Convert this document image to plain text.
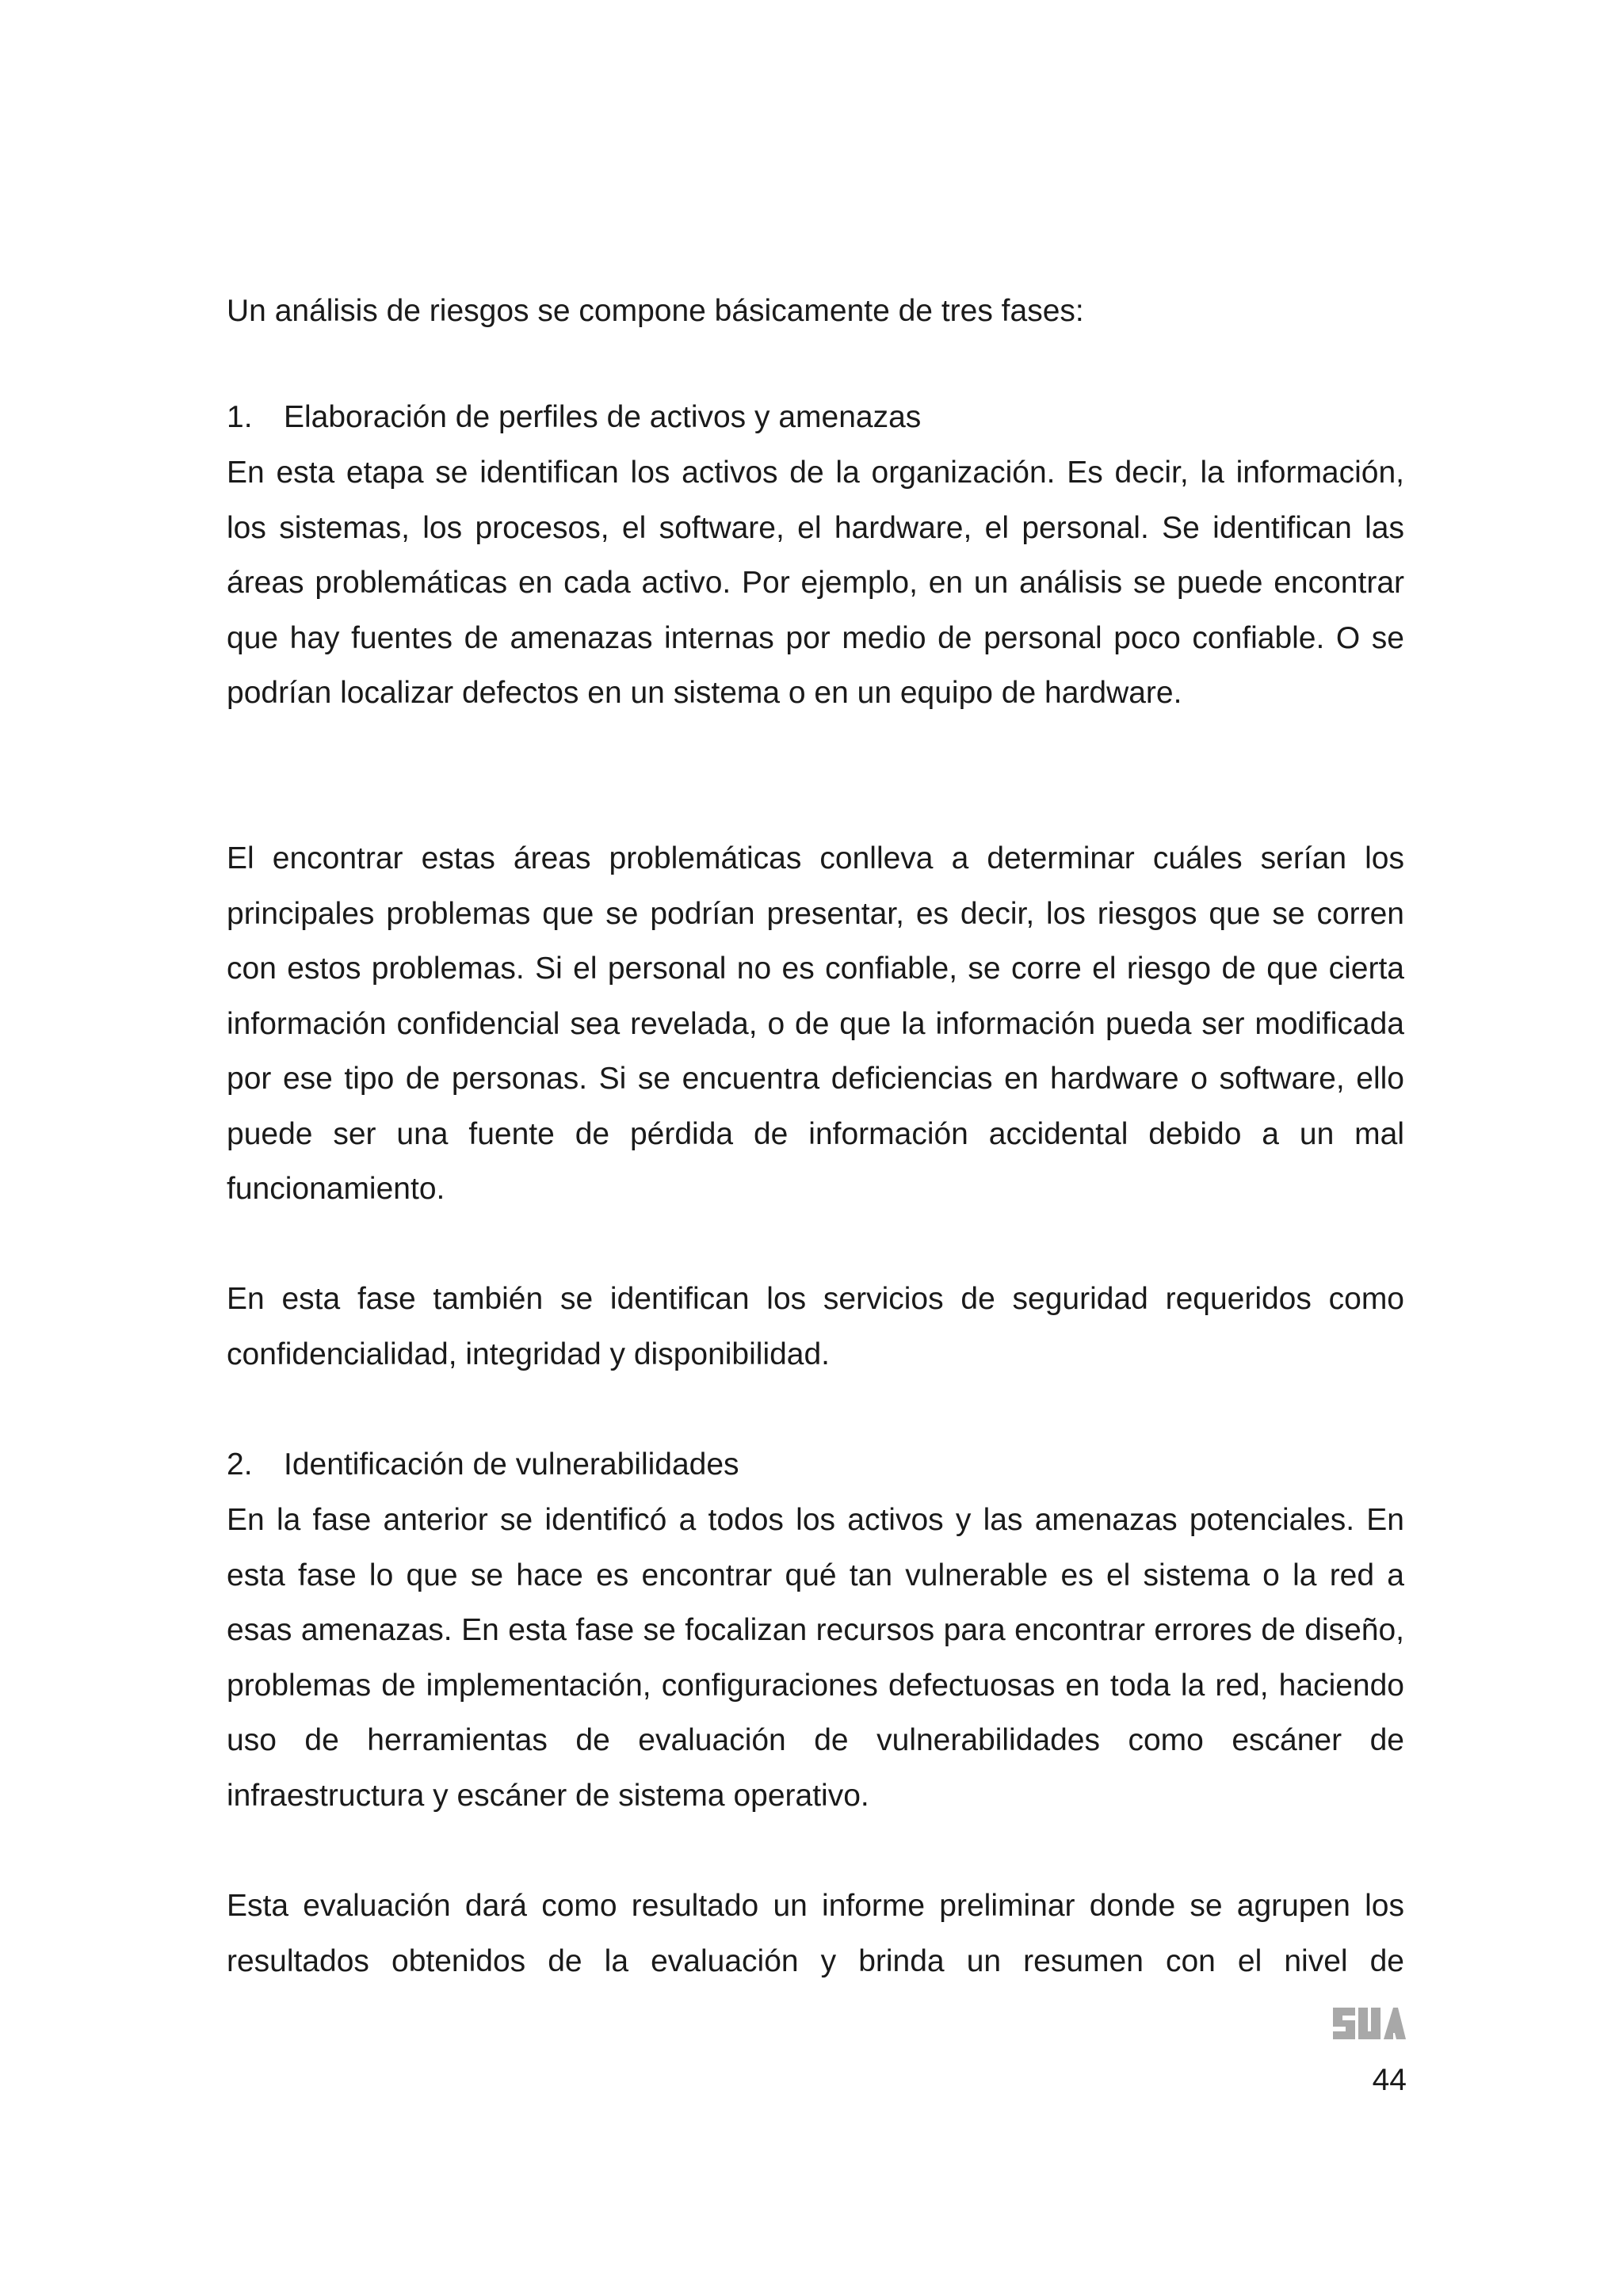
Un análisis de riesgos se compone básicamente de tres fases:

1. Elaboración de perfiles de activos y amenazas

En esta etapa se identifican los activos de la organización. Es decir, la información, los sistemas, los procesos, el software, el hardware, el personal. Se identifican las áreas problemáticas en cada activo. Por ejemplo, en un análisis se puede encontrar que hay fuentes de amenazas internas por medio de personal poco confiable. O se podrían localizar defectos en un sistema o en un equipo de hardware.

El encontrar estas áreas problemáticas conlleva a determinar cuáles serían los principales problemas que se podrían presentar, es decir, los riesgos que se corren con estos problemas. Si el personal no es confiable, se corre el riesgo de que cierta información confidencial sea revelada, o de que la información pueda ser modificada por ese tipo de personas. Si se encuentra deficiencias en hardware o software, ello puede ser una fuente de pérdida de información accidental debido a un mal funcionamiento.

En esta fase también se identifican los servicios de seguridad requeridos como confidencialidad, integridad y disponibilidad.

2. Identificación de vulnerabilidades

En la fase anterior se identificó a todos los activos y las amenazas potenciales. En esta fase lo que se hace es encontrar qué tan vulnerable es el sistema o la red a esas amenazas. En esta fase se focalizan recursos para encontrar errores de diseño, problemas de implementación, configuraciones defectuosas en toda la red, haciendo uso de herramientas de evaluación de vulnerabilidades como escáner de infraestructura y escáner de sistema operativo.

Esta evaluación dará como resultado un informe preliminar donde se agrupen los resultados obtenidos de la evaluación y brinda un resumen con el nivel de

44
